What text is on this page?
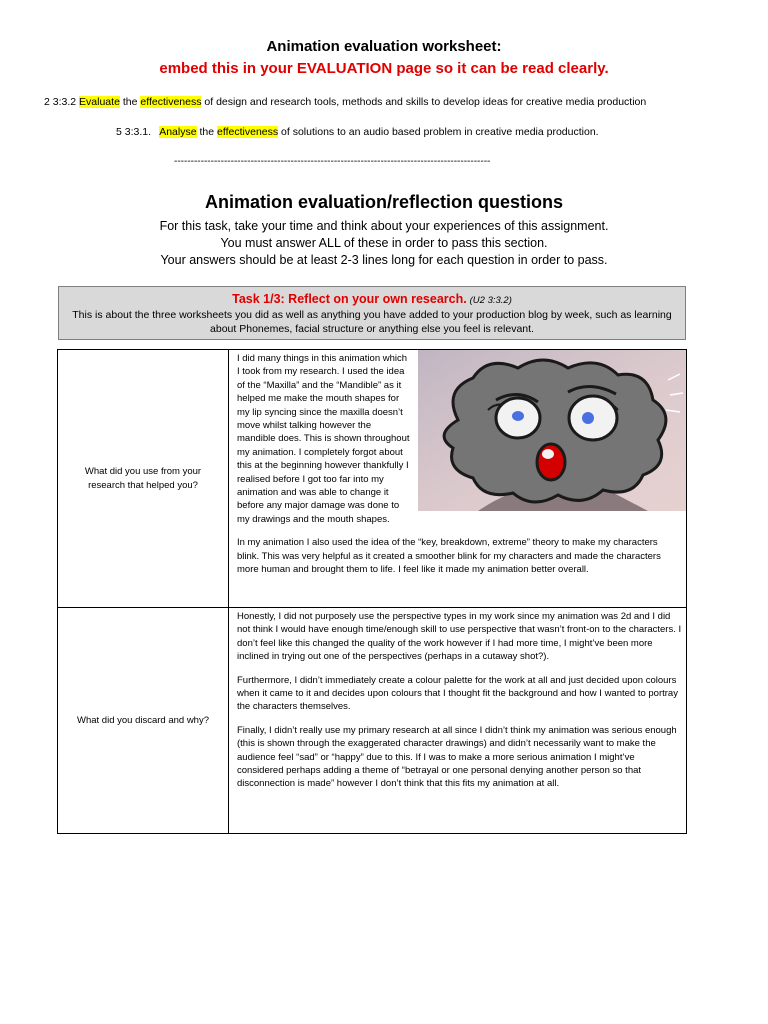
Animation evaluation worksheet:
embed this in your EVALUATION page so it can be read clearly.
2 3:3.2 Evaluate the effectiveness of design and research tools, methods and skills to develop ideas for creative media production
5 3:3.1. Analyse the effectiveness of solutions to an audio based problem in creative media production.
-----------------------------------------------------------------------------------------------
Animation evaluation/reflection questions
For this task, take your time and think about your experiences of this assignment.
You must answer ALL of these in order to pass this section.
Your answers should be at least 2-3 lines long for each question in order to pass.
Task 1/3: Reflect on your own research. (U2 3:3.2)
This is about the three worksheets you did as well as anything you have added to your production blog by week, such as learning about Phonemes, facial structure or anything else you feel is relevant.
What did you use from your research that helped you?	I did many things in this animation which I took from my research. I used the idea of the “Maxilla” and the “Mandible” as it helped me make the mouth shapes for my lip syncing since the maxilla doesn’t move whilst talking however the mandible does. This is shown throughout my animation. I completely forgot about this at the beginning however thankfully I realised before I got too far into my animation and was able to change it before any major damage was done to my drawings and the mouth shapes.

In my animation I also used the idea of the “key, breakdown, extreme” theory to make my characters blink. This was very helpful as it created a smoother blink for my characters and made the characters more human and brought them to life. I feel like it made my animation better overall.

What did you discard and why?	Honestly, I did not purposely use the perspective types in my work since my animation was 2d and I did not think I would have enough time/enough skill to use perspective that wasn’t front-on to the characters. I don’t feel like this changed the quality of the work however if I had more time, I might’ve been more inclined in trying out one of the perspectives (perhaps in a cutaway shot?).

Furthermore, I didn’t immediately create a colour palette for the work at all and just decided upon colours when it came to it and decides upon colours that I thought fit the background and how I wanted to portray the characters themselves.

Finally, I didn’t really use my primary research at all since I didn’t think my animation was serious enough (this is shown through the exaggerated character drawings) and didn’t necessarily want to make the audience feel “sad” or “happy” due to this. If I was to make a more serious animation I might’ve considered perhaps adding a theme of “betrayal or one personal denying another person so that disconnection is made” however I don’t think that this fits my animation at all.
